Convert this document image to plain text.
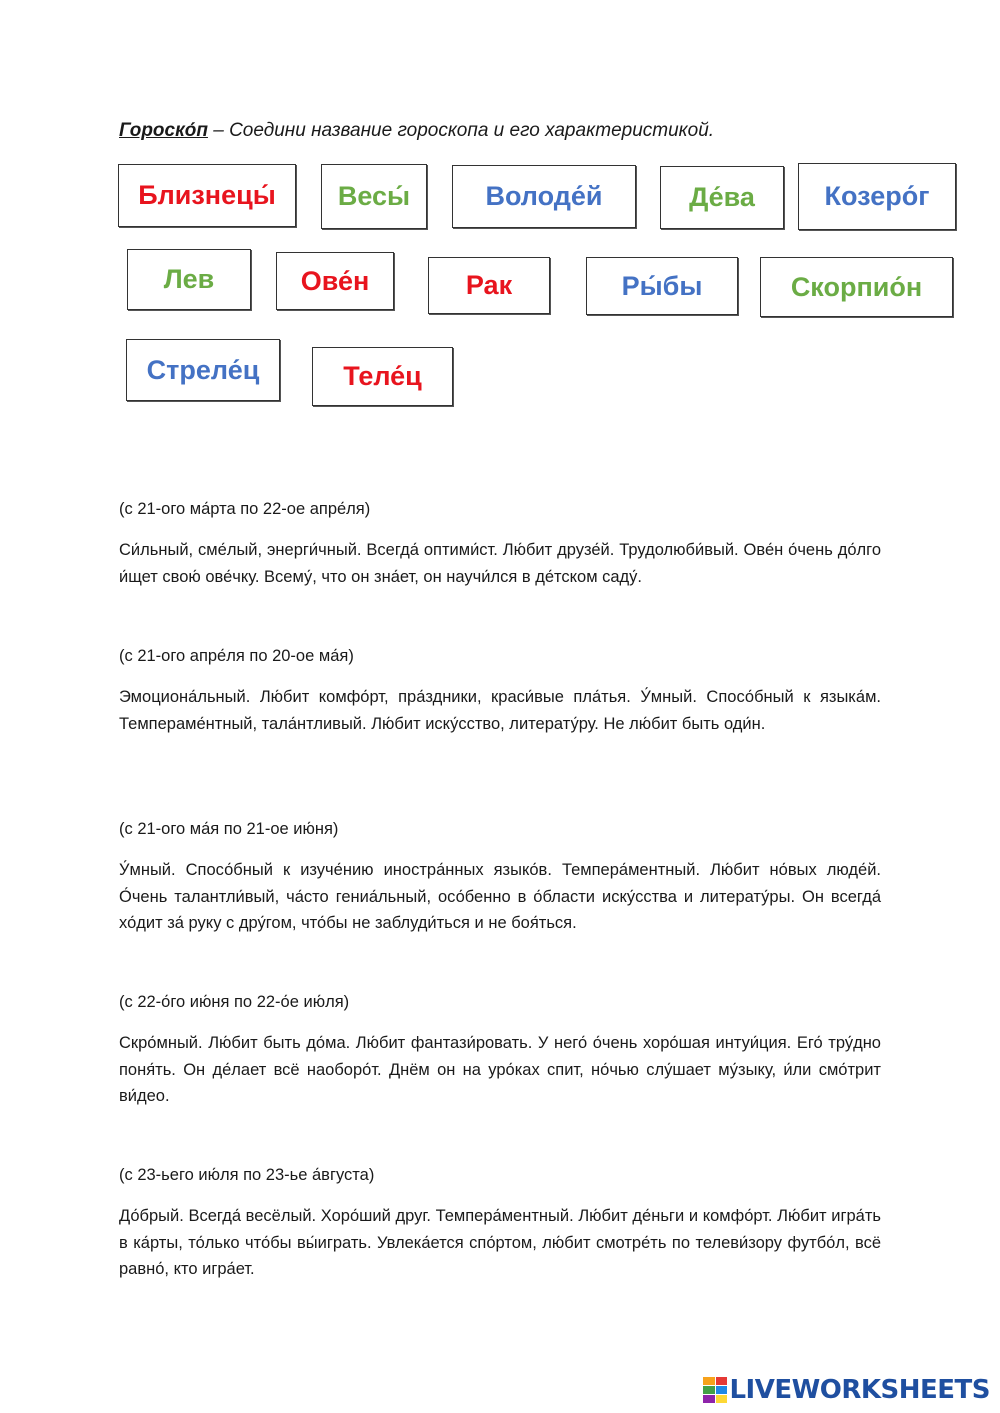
Гороско́п – Соедини название гороскопа и его характеристикой.
Близнецы́ Весы́	Володе́й	Де́ва	Козеро́г
Лев	Ове́н	Рак	Ры́бы	Скорпио́н
Стреле́ц	Теле́ц
(с 21-ого ма́рта по 22-ое апре́ля)
Си́льный, сме́лый, энерги́чный. Всегда́ оптими́ст. Лю́бит друзе́й. Трудолюби́вый. Ове́н о́чень до́лго и́щет свою́ ове́чку. Всему́, что он зна́ет, он научи́лся в де́тском саду́.
(с 21-ого апре́ля по 20-ое ма́я)
Эмоциона́льный. Лю́бит комфо́рт, пра́здники, краси́вые пла́тья. У́мный. Спосо́бный к языка́м. Темпераме́нтный, тала́нтливый. Лю́бит иску́сство, литерату́ру. Не лю́бит быть оди́н.
(с 21-ого ма́я по 21-ое ию́ня)
У́мный. Спосо́бный к изуче́нию иностра́нных языко́в. Темпера́ментный. Лю́бит но́вых люде́й. О́чень талантли́вый, ча́сто гениа́льный, осо́бенно в о́бласти иску́сства и литерату́ры. Он всегда́ хо́дит за́ руку с дру́гом, что́бы не заблуди́ться и не боя́ться.
(с 22-о́го ию́ня по 22-о́е ию́ля)
Скро́мный. Лю́бит быть до́ма. Лю́бит фантази́ровать. У него́ о́чень хоро́шая интуи́ция. Его́ тру́дно поня́ть. Он де́лает всё наоборо́т. Днём он на уро́ках спит, но́чью слу́шает му́зыку, и́ли смо́трит ви́део.
(с 23-ьего ию́ля по 23-ье а́вгуста)
До́брый. Всегда́ весёлый. Хоро́ший друг. Темпера́ментный. Лю́бит де́ньги и комфо́рт. Лю́бит игра́ть в ка́рты, то́лько что́бы вы́играть. Увлека́ется спо́ртом, лю́бит смотре́ть по телеви́зору футбо́л, всё равно́, кто игра́ет.
LIVEWORKSHEETS
